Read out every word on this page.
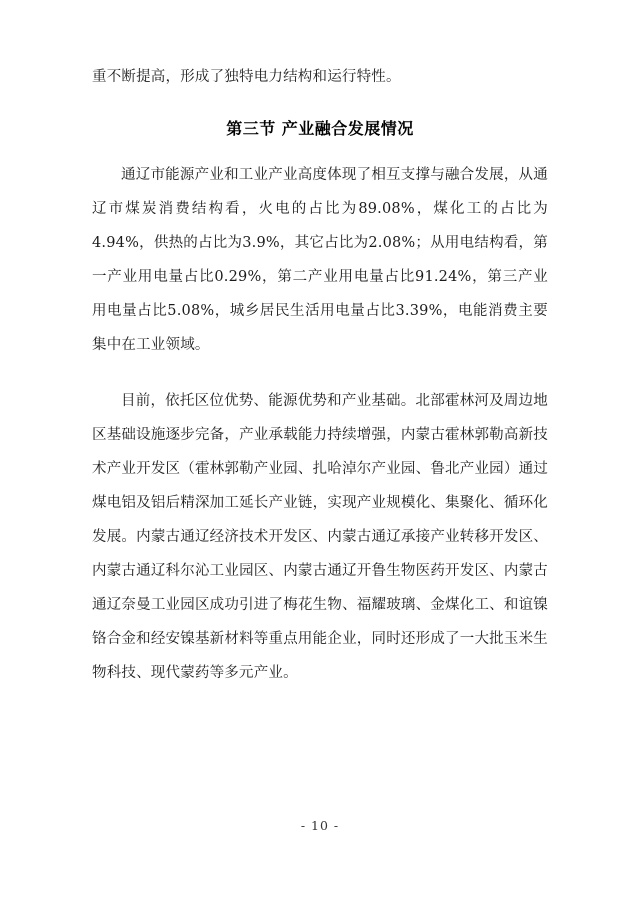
重不断提高，形成了独特电力结构和运行特性。

第三节 产业融合发展情况

通辽市能源产业和工业产业高度体现了相互支撑与融合发展，从通辽市煤炭消费结构看，火电的占比为89.08%，煤化工的占比为4.94%，供热的占比为3.9%，其它占比为2.08%；从用电结构看，第一产业用电量占比0.29%，第二产业用电量占比91.24%，第三产业用电量占比5.08%，城乡居民生活用电量占比3.39%，电能消费主要集中在工业领域。

目前，依托区位优势、能源优势和产业基础。北部霍林河及周边地区基础设施逐步完备，产业承载能力持续增强，内蒙古霍林郭勒高新技术产业开发区（霍林郭勒产业园、扎哈淖尔产业园、鲁北产业园）通过煤电铝及铝后精深加工延长产业链，实现产业规模化、集聚化、循环化发展。内蒙古通辽经济技术开发区、内蒙古通辽承接产业转移开发区、内蒙古通辽科尔沁工业园区、内蒙古通辽开鲁生物医药开发区、内蒙古通辽奈曼工业园区成功引进了梅花生物、福耀玻璃、金煤化工、和谊镍铬合金和经安镍基新材料等重点用能企业，同时还形成了一大批玉米生物科技、现代蒙药等多元产业。

- 10 -
